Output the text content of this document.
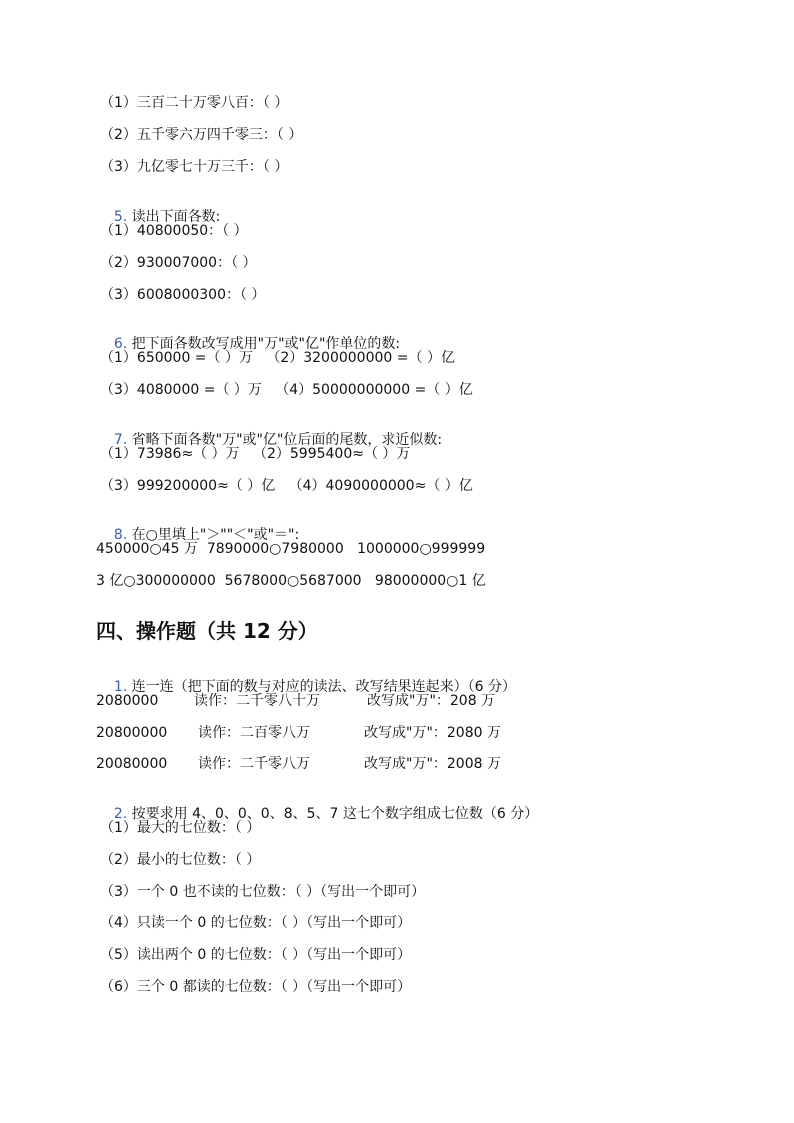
（1）三百二十万零八百：（ ）
（2）五千零六万四千零三：（ ）
（3）九亿零七十万三千：（ ）

5. 读出下面各数:

（1）40800050：（ ）
（2）930007000：（ ）
（3）6008000300：（ ）

6. 把下面各数改写成用"万"或"亿"作单位的数:

（1）650000 =（ ）万   （2）3200000000 =（ ）亿
（3）4080000 =（ ）万   （4）50000000000 =（ ）亿

7. 省略下面各数"万"或"亿"位后面的尾数，求近似数:

（1）73986≈（ ）万   （2）5995400≈（ ）万
（3）999200000≈（ ）亿   （4）4090000000≈（ ）亿

8. 在○里填上"＞""＜"或"＝":

450000○45 万  7890000○7980000   1000000○999999
3 亿○300000000  5678000○5687000   98000000○1 亿
四、操作题（共 12 分）

1. 连一连（把下面的数与对应的读法、改写结果连起来）（6 分）

2080000	读作：二千零八十万	改写成"万"：208 万
20800000 读作：二百零八万	改写成"万"：2080 万
20080000 读作：二千零八万	改写成"万"：2008 万

2. 按要求用 4、0、0、0、8、5、7 这七个数字组成七位数（6 分）

（1）最大的七位数：（ ）
（2）最小的七位数：（ ）
（3）一个 0 也不读的七位数：（ ）（写出一个即可）
（4）只读一个 0 的七位数：（ ）（写出一个即可）
（5）读出两个 0 的七位数：（ ）（写出一个即可）
（6）三个 0 都读的七位数：（ ）（写出一个即可）
